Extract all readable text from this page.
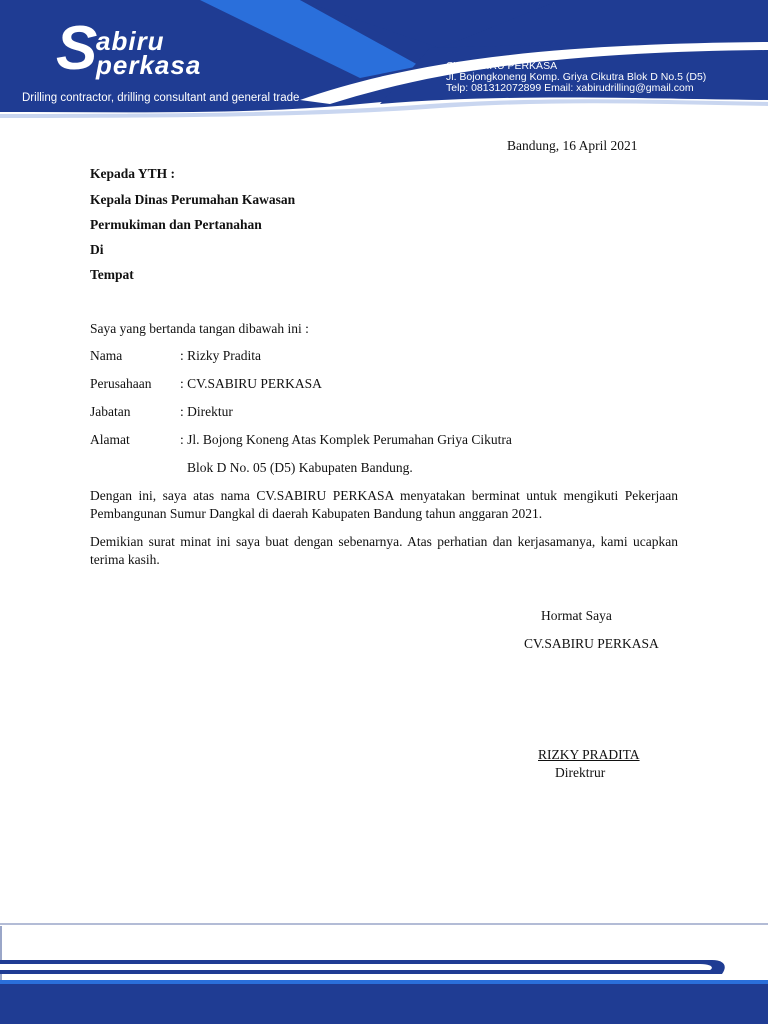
S
abiru
perkasa
Drilling contractor, drilling consultant and general trade
CV. SABIRU PERKASA
Jl. Bojongkoneng Komp. Griya Cikutra Blok D No.5 (D5)
Telp: 081312072899 Email: xabirudrilling@gmail.com
Bandung, 16 April 2021
Kepada YTH :
Kepala Dinas Perumahan Kawasan
Permukiman dan Pertanahan
Di
Tempat
Saya yang bertanda tangan dibawah ini :
Nama	: Rizky Pradita
Perusahaan : CV.SABIRU PERKASA
Jabatan	: Direktur
Alamat	: Jl. Bojong Koneng Atas Komplek Perumahan Griya Cikutra
Blok D No. 05 (D5) Kabupaten Bandung.
Dengan ini, saya atas nama CV.SABIRU PERKASA menyatakan berminat untuk mengikuti Pekerjaan Pembangunan Sumur Dangkal di daerah Kabupaten Bandung tahun anggaran 2021.
Demikian surat minat ini saya buat dengan sebenarnya. Atas perhatian dan kerjasamanya, kami ucapkan terima kasih.
Hormat Saya
CV.SABIRU PERKASA
RIZKY PRADITA
Direktrur
